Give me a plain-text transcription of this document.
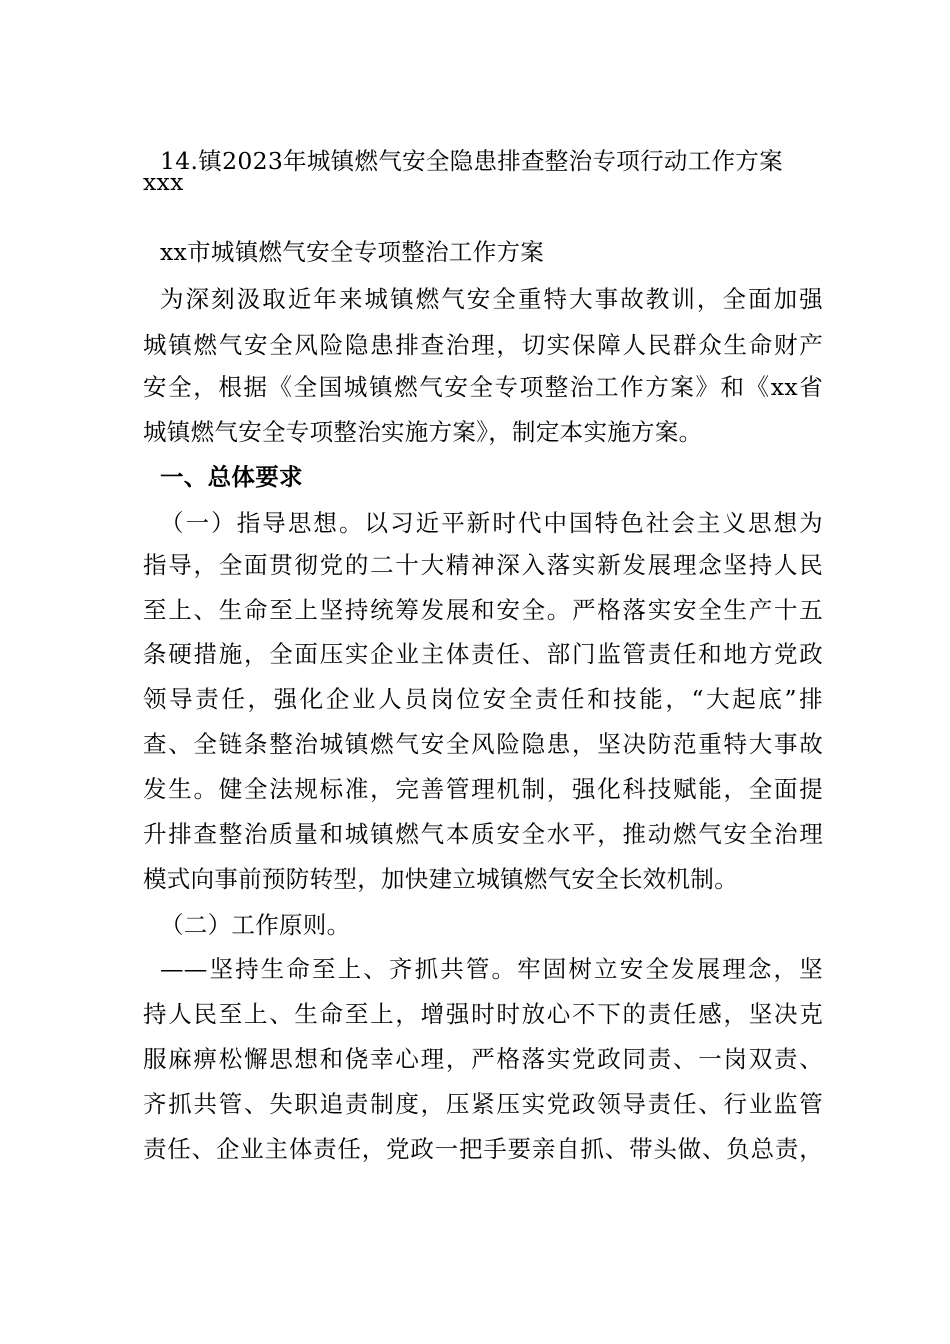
14.镇2023年城镇燃气安全隐患排查整治专项行动工作方案
xxx
xx市城镇燃气安全专项整治工作方案
为深刻汲取近年来城镇燃气安全重特大事故教训，全面加强
城镇燃气安全风险隐患排查治理，切实保障人民群众生命财产
安全，根据《全国城镇燃气安全专项整治工作方案》和《xx省
城镇燃气安全专项整治实施方案》，制定本实施方案。
一、总体要求
（一）指导思想。以习近平新时代中国特色社会主义思想为
指导，全面贯彻党的二十大精神深入落实新发展理念坚持人民
至上、生命至上坚持统筹发展和安全。严格落实安全生产十五
条硬措施，全面压实企业主体责任、部门监管责任和地方党政
领导责任，强化企业人员岗位安全责任和技能，“大起底”排
查、全链条整治城镇燃气安全风险隐患，坚决防范重特大事故
发生。健全法规标准，完善管理机制，强化科技赋能，全面提
升排查整治质量和城镇燃气本质安全水平，推动燃气安全治理
模式向事前预防转型，加快建立城镇燃气安全长效机制。
（二）工作原则。
——坚持生命至上、齐抓共管。牢固树立安全发展理念，坚
持人民至上、生命至上，增强时时放心不下的责任感，坚决克
服麻痹松懈思想和侥幸心理，严格落实党政同责、一岗双责、
齐抓共管、失职追责制度，压紧压实党政领导责任、行业监管
责任、企业主体责任，党政一把手要亲自抓、带头做、负总责，
